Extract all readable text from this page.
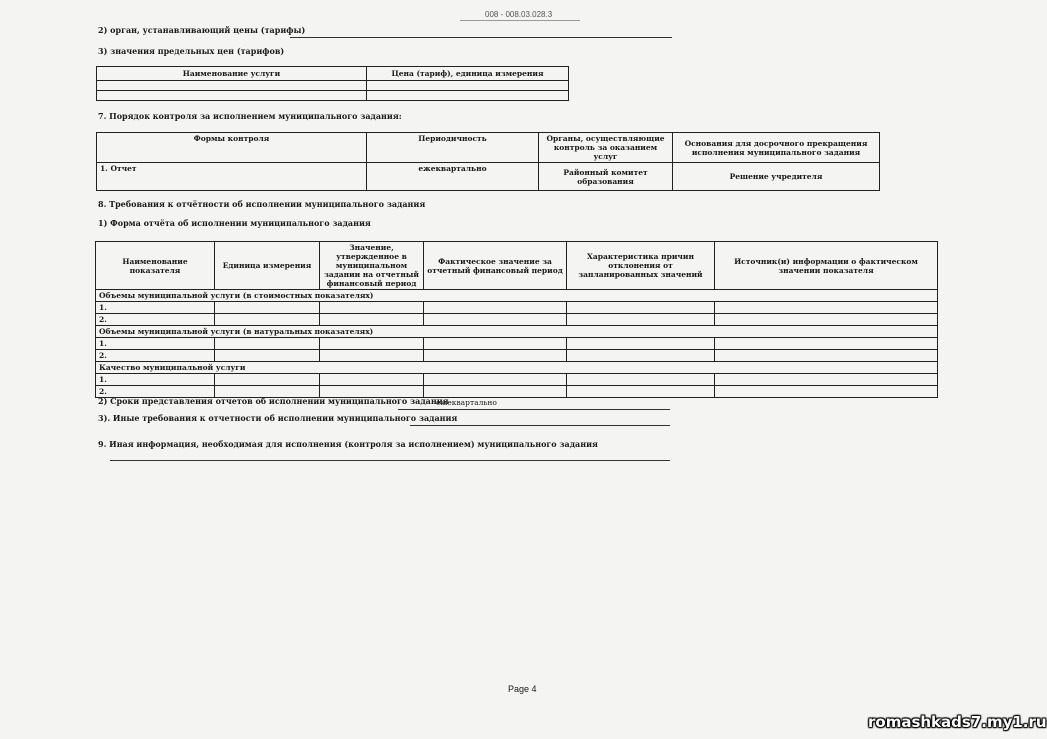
008 - 008.03.028.3
2) орган, устанавливающий цены (тарифы)
3) значения предельных цен (тарифов)
Наименование услуги	Цена (тариф), единица измерения

7. Порядок контроля за исполнением муниципального задания:
Формы контроля	Периодичность	Органы, осуществляющие контроль за оказанием услуг	Основания для досрочного прекращения исполнения муниципального задания
1. Отчет	ежеквартально	Районный комитет образования	Решение учредителя
8. Требования к отчётности об исполнении муниципального задания
1) Форма отчёта об исполнении муниципального задания
Наименование показателя	Единица измерения	Значение, утвержденное в муниципальном задании на отчетный финансовый период	Фактическое значение за отчетный финансовый период	Характеристика причин отклонения от запланированных значений	Источник(и) информации о фактическом значении показателя
Объемы муниципальной услуги (в стоимостных показателях)					
1.					
2.					
Объемы муниципальной услуги (в натуральных показателях)					
1.					
2.					
Качество муниципальной услуги					
1.					
2.					
2) Сроки представления отчетов об исполнении муниципального задания
ежеквартально
3). Иные требования к отчетности об исполнении муниципального задания
9. Иная информация, необходимая для исполнения (контроля за исполнением) муниципального задания
Page 4
romashkads7.my1.ru
